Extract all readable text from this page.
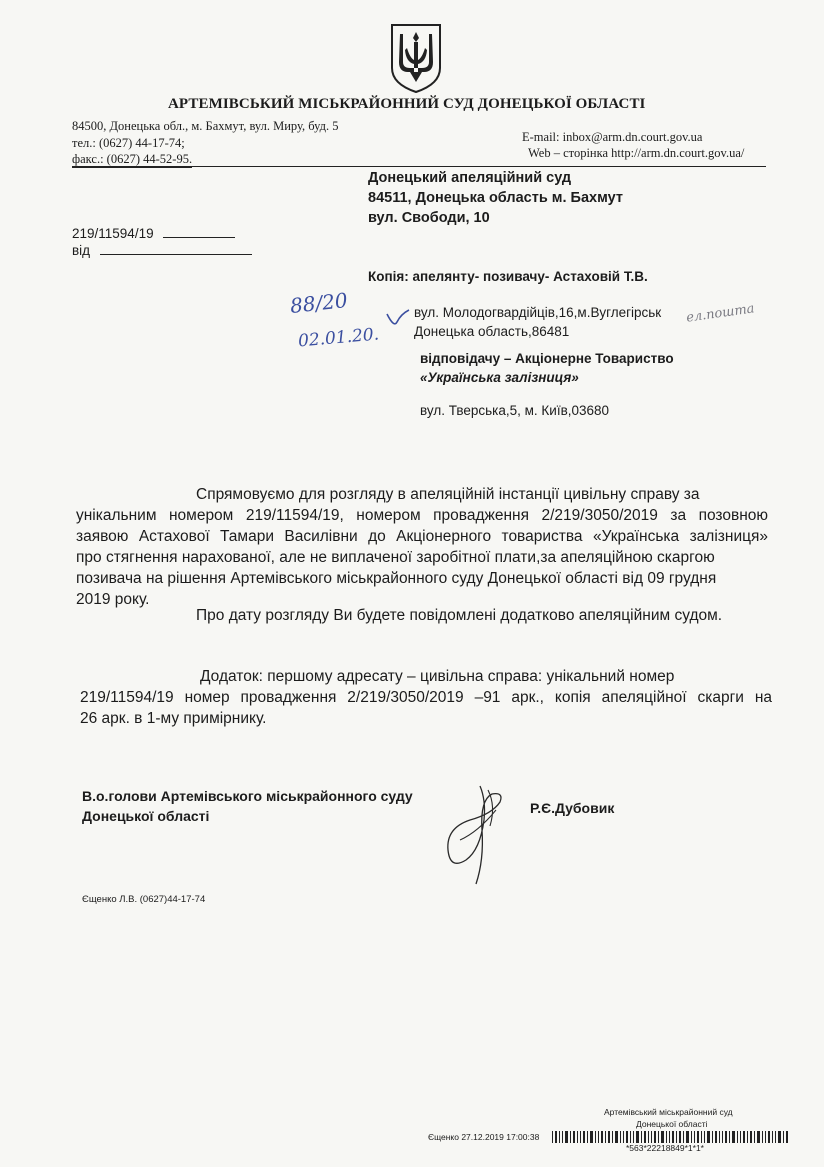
АРТЕМІВСЬКИЙ МІСЬКРАЙОННИЙ СУД ДОНЕЦЬКОЇ ОБЛАСТІ
84500, Донецька обл., м. Бахмут, вул. Миру, буд. 5
тел.: (0627) 44-17-74;
факс.: (0627) 44-52-95.
E-mail: inbox@arm.dn.court.gov.ua
Web – сторінка http://arm.dn.court.gov.ua/
Донецький апеляційний суд
84511, Донецька область м. Бахмут
вул. Свободи, 10
219/11594/19
від
Копія: апелянту- позивачу- Астаховій Т.В.
вул. Молодогвардійців,16,м.Вуглегірськ
Донецька область,86481
88/20
02.01.20.
ел.пошта
відповідачу – Акціонерне Товариство
«Українська залізниця»
вул. Тверська,5, м. Київ,03680
Спрямовуємо для розгляду в апеляційній інстанції цивільну справу за
унікальним номером 219/11594/19, номером провадження 2/219/3050/2019 за позовною
заявою Астахової Тамари Василівни до Акціонерного товариства «Українська залізниця»
про стягнення нарахованої, але не виплаченої заробітної плати,за апеляційною скаргою
позивача на рішення Артемівського міськрайонного суду Донецької області від 09 грудня
2019 року.
Про дату розгляду Ви будете повідомлені додатково апеляційним судом.
Додаток: першому адресату – цивільна справа: унікальний номер
219/11594/19 номер провадження 2/219/3050/2019 –91 арк., копія апеляційної скарги на
26 арк. в 1-му примірнику.
В.о.голови Артемівського міськрайонного суду
Донецької області	Р.Є.Дубовик
Єщенко Л.В. (0627)44-17-74
Артемівський міськрайонний суд
Донецької області
Єщенко 27.12.2019 17:00:38
*563*22218849*1*1*
